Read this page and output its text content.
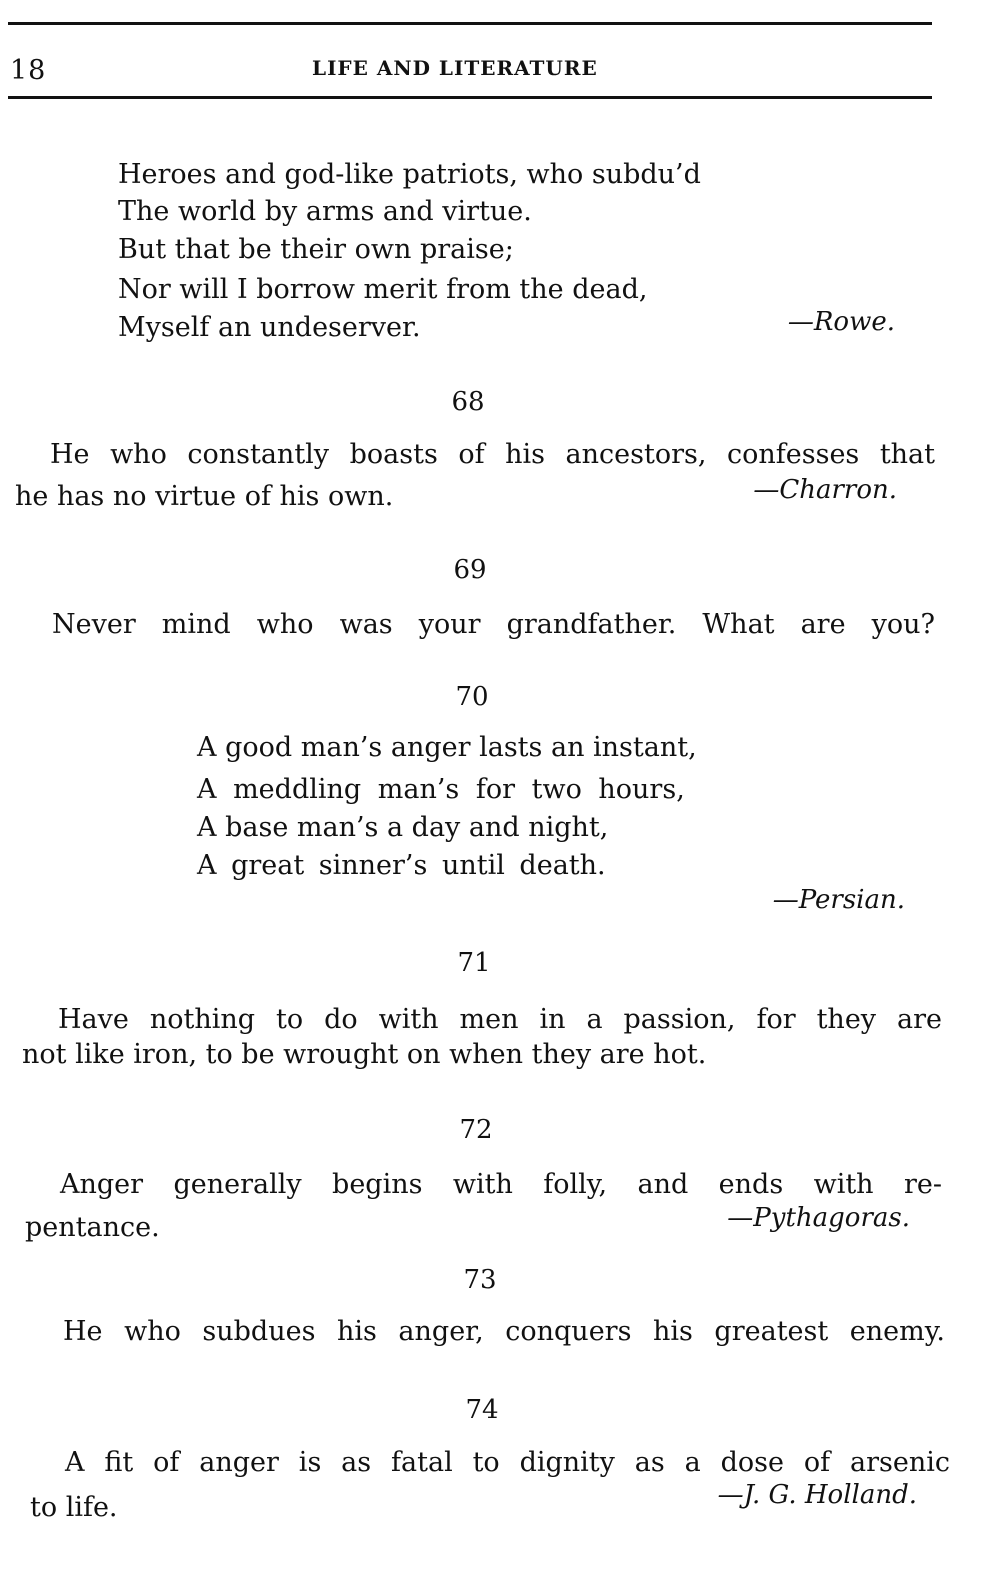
18	LIFE AND LITERATURE
Heroes and god-like patriots, who subdu’d
The world by arms and virtue.
But that be their own praise;
Nor will I borrow merit from the dead,
Myself an undeserver.	—Rowe.
68
He who constantly boasts of his ancestors, confesses that
he has no virtue of his own.	—Charron.
69
Never mind who was your grandfather. What are you?
70
A good man’s anger lasts an instant,
A meddling man’s for two hours,
A base man’s a day and night,
A great sinner’s until death.
—Persian.
71
Have nothing to do with men in a passion, for they are
not like iron, to be wrought on when they are hot.
72
Anger generally begins with folly, and ends with re-
pentance.	—Pythagoras.
73
He who subdues his anger, conquers his greatest enemy.
74
A fit of anger is as fatal to dignity as a dose of arsenic
to life.	—J. G. Holland.
